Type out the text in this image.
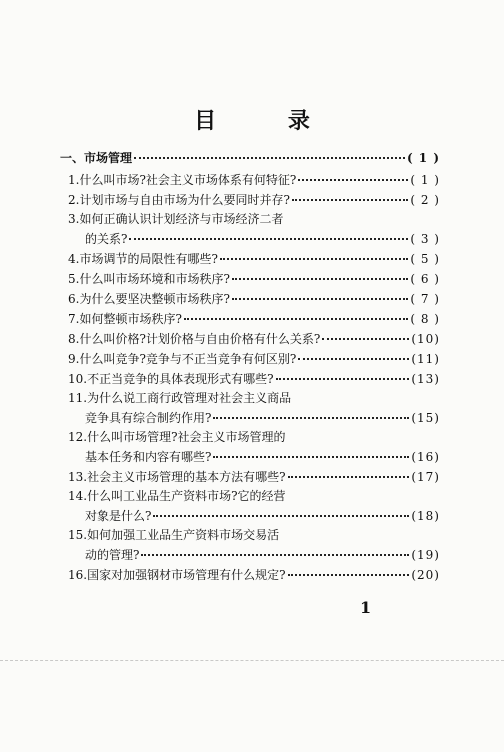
目 录
一、市场管理	( 1 )
1.什么叫市场?社会主义市场体系有何特征?	( 1 )
2.计划市场与自由市场为什么要同时并存?	( 2 )
3.如何正确认识计划经济与市场经济二者
的关系?	( 3 )
4.市场调节的局限性有哪些?	( 5 )
5.什么叫市场环境和市场秩序?	( 6 )
6.为什么要坚决整顿市场秩序?	( 7 )
7.如何整顿市场秩序?	( 8 )
8.什么叫价格?计划价格与自由价格有什么关系?	(10)
9.什么叫竞争?竞争与不正当竞争有何区别?	(11)
10.不正当竞争的具体表现形式有哪些?	(13)
11.为什么说工商行政管理对社会主义商品
竞争具有综合制约作用?	(15)
12.什么叫市场管理?社会主义市场管理的
基本任务和内容有哪些?	(16)
13.社会主义市场管理的基本方法有哪些?	(17)
14.什么叫工业品生产资料市场?它的经营
对象是什么?	(18)
15.如何加强工业品生产资料市场交易活
动的管理?	(19)
16.国家对加强钢材市场管理有什么规定?	(20)
1
